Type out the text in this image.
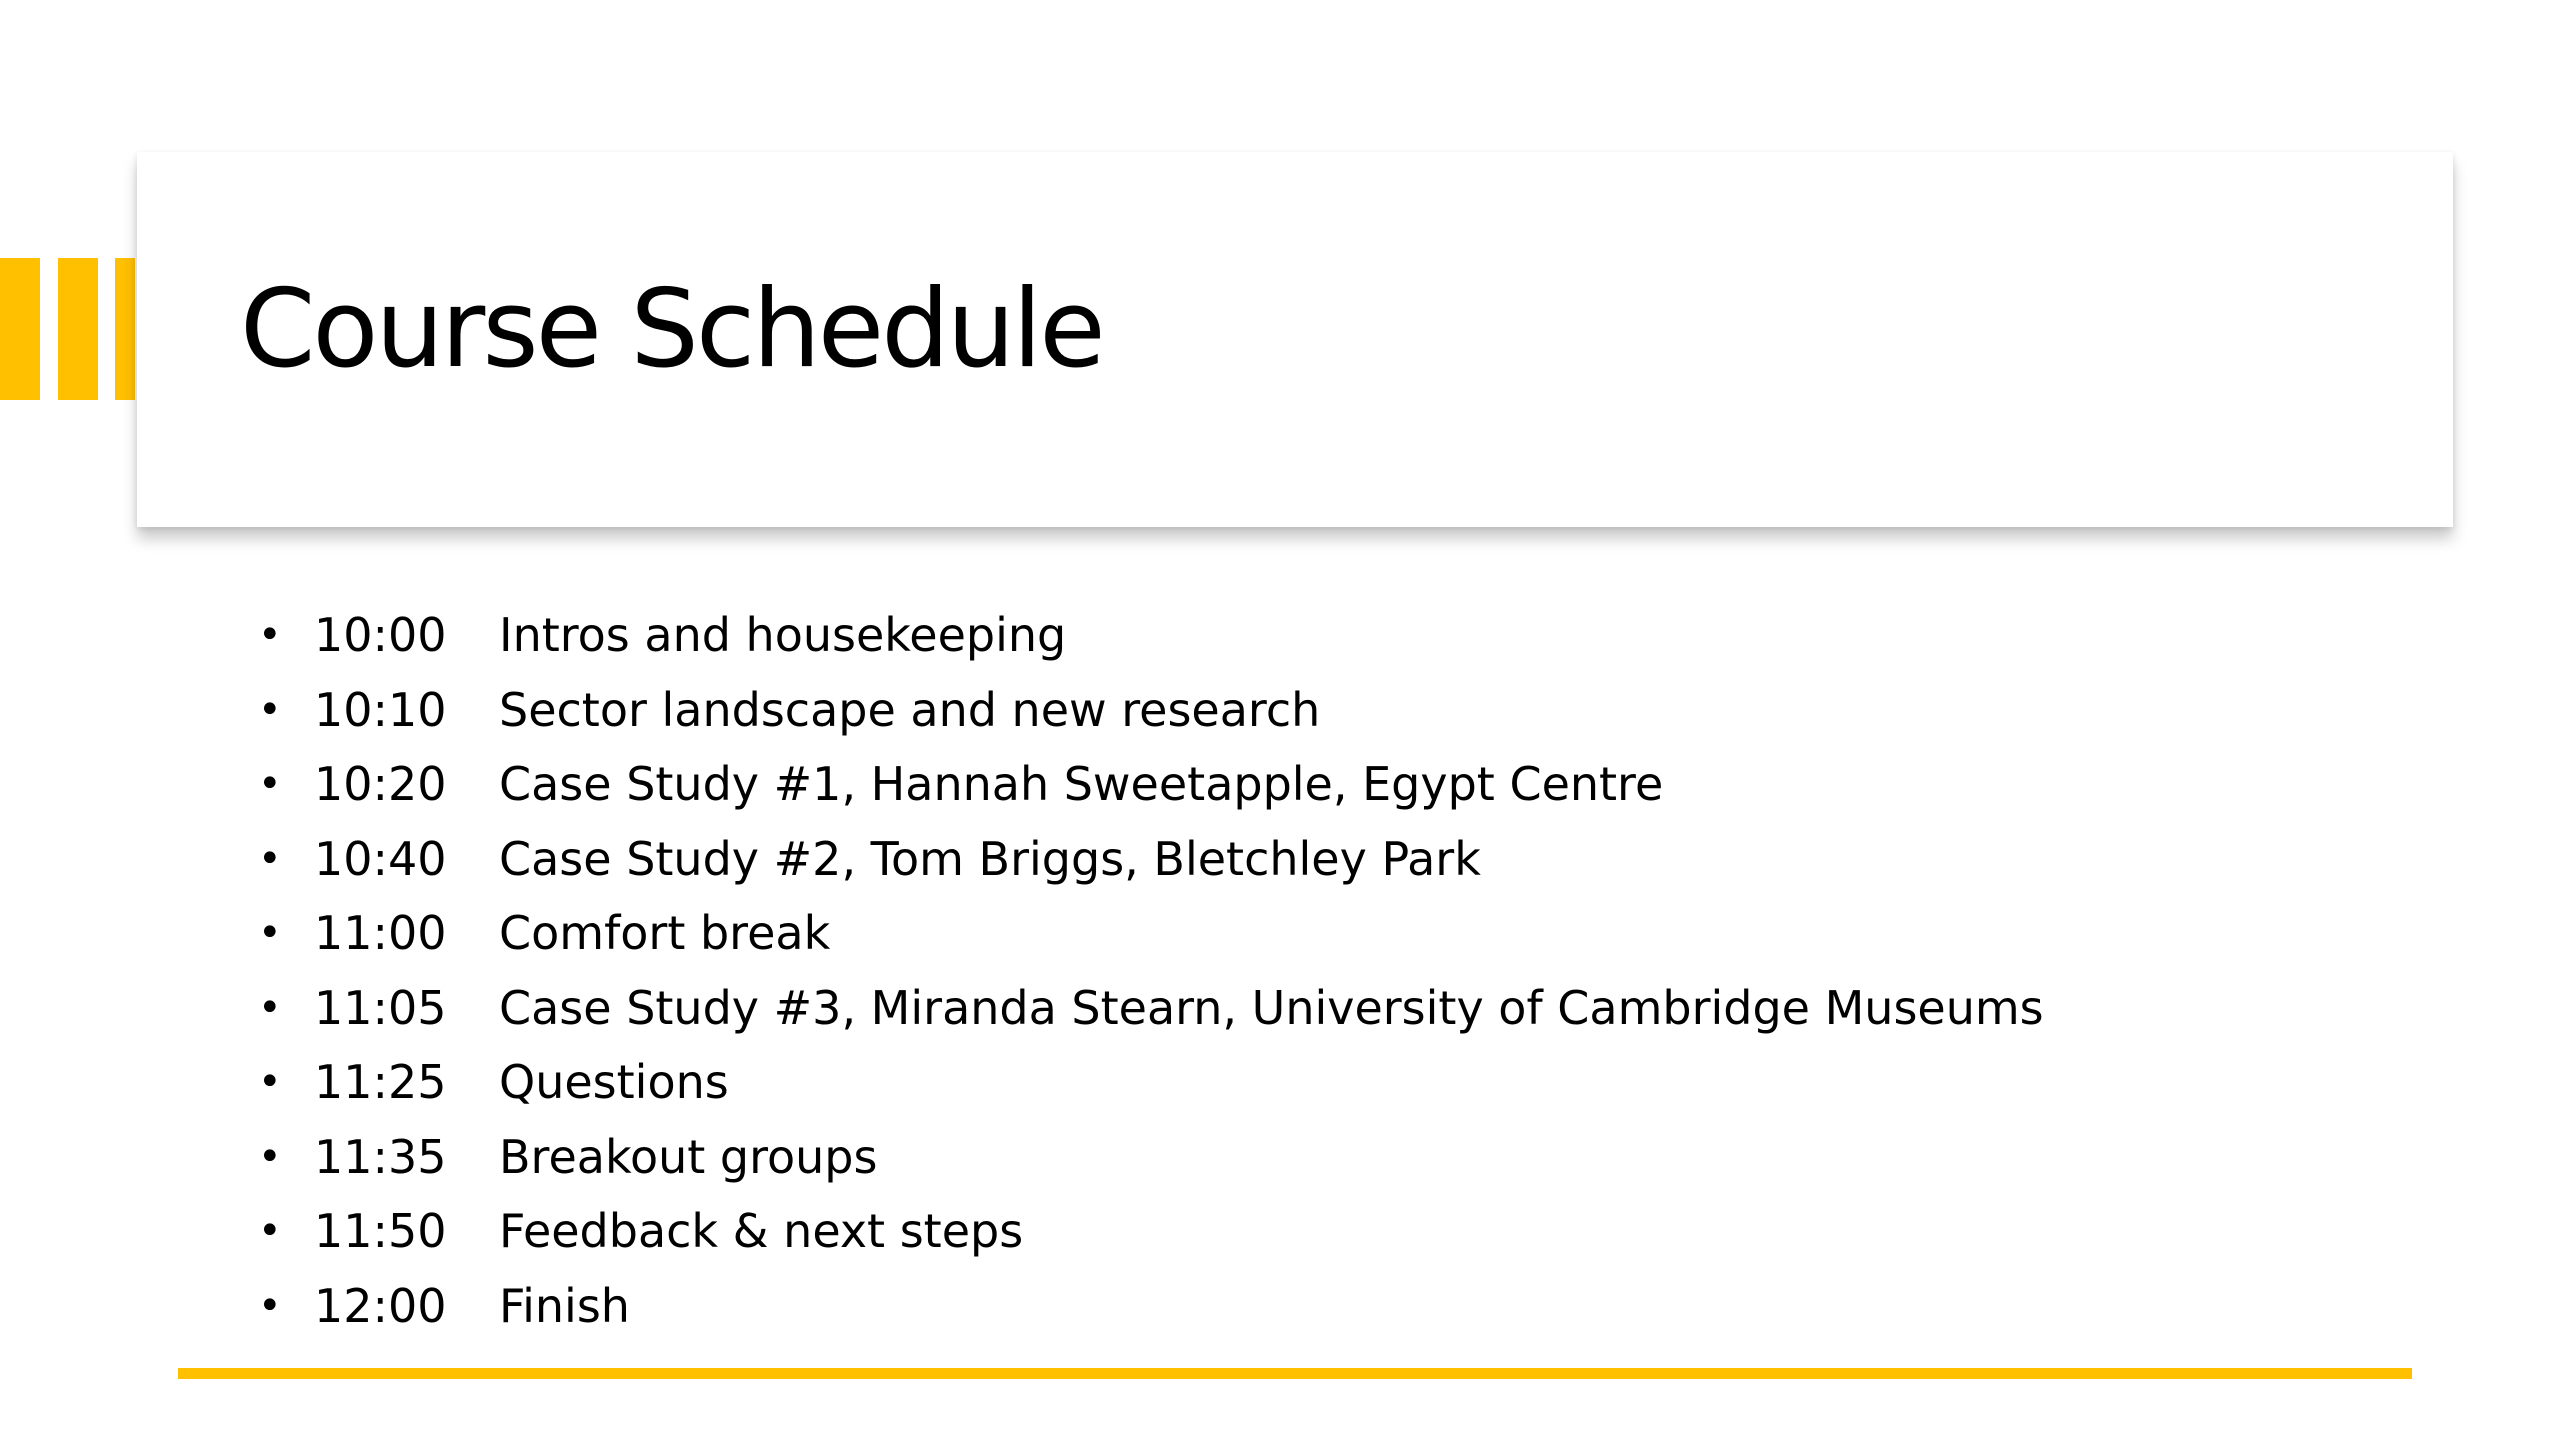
Course Schedule
• 10:00	Intros and housekeeping
• 10:10	Sector landscape and new research
• 10:20	Case Study #1, Hannah Sweetapple, Egypt Centre
• 10:40	Case Study #2, Tom Briggs, Bletchley Park
• 11:00	Comfort break
• 11:05	Case Study #3, Miranda Stearn, University of Cambridge Museums
• 11:25	Questions
• 11:35	Breakout groups
• 11:50	Feedback & next steps
• 12:00	Finish
